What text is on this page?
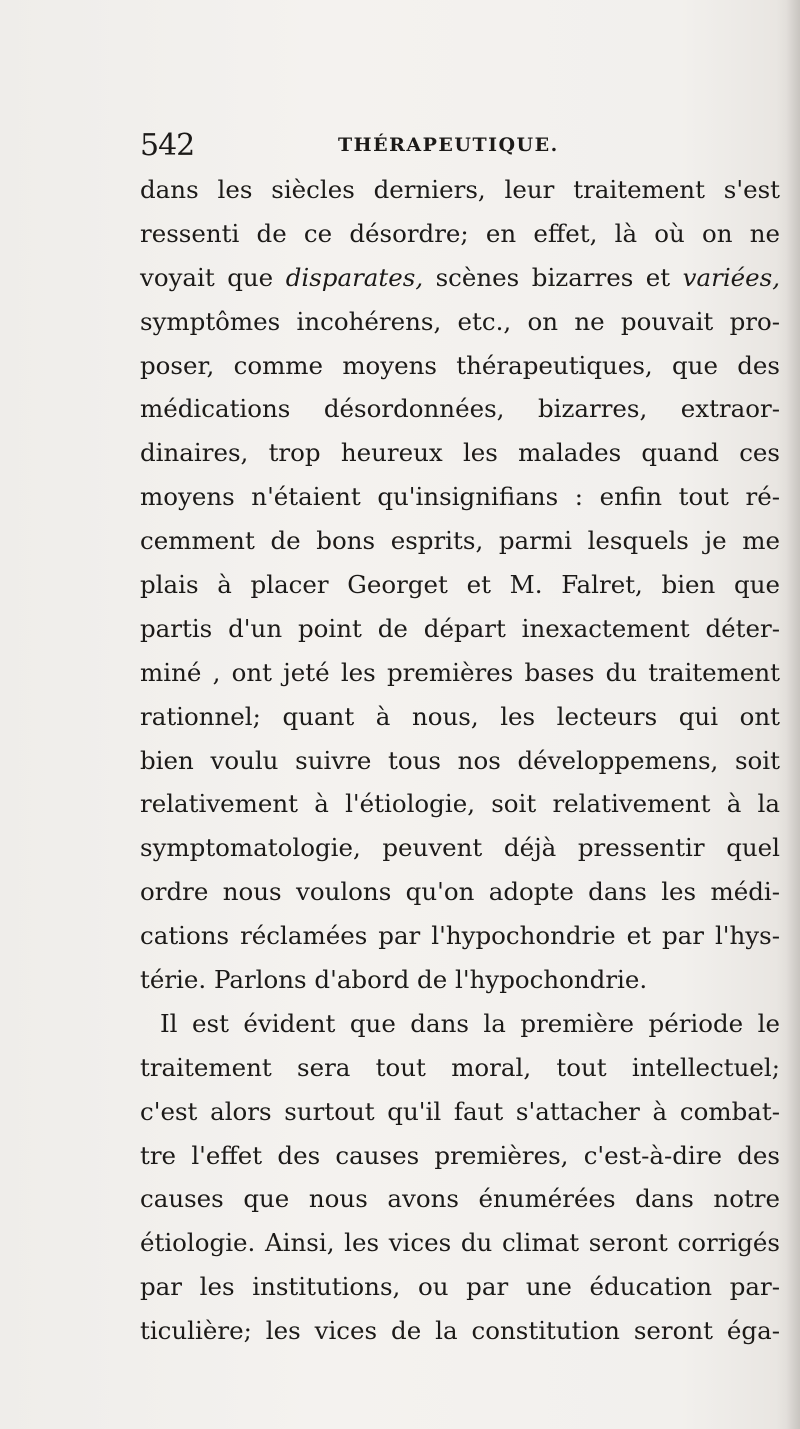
542	THÉRAPEUTIQUE.
dans les siècles derniers, leur traitement s'est
ressenti de ce désordre; en effet, là où on ne
voyait que disparates, scènes bizarres et variées,
symptômes incohérens, etc., on ne pouvait pro-
poser, comme moyens thérapeutiques, que des
médications désordonnées, bizarres, extraor-
dinaires, trop heureux les malades quand ces
moyens n'étaient qu'insignifians : enfin tout ré-
cemment de bons esprits, parmi lesquels je me
plais à placer Georget et M. Falret, bien que
partis d'un point de départ inexactement déter-
miné , ont jeté les premières bases du traitement
rationnel; quant à nous, les lecteurs qui ont
bien voulu suivre tous nos développemens, soit
relativement à l'étiologie, soit relativement à la
symptomatologie, peuvent déjà pressentir quel
ordre nous voulons qu'on adopte dans les médi-
cations réclamées par l'hypochondrie et par l'hys-
térie. Parlons d'abord de l'hypochondrie.
Il est évident que dans la première période le
traitement sera tout moral, tout intellectuel;
c'est alors surtout qu'il faut s'attacher à combat-
tre l'effet des causes premières, c'est-à-dire des
causes que nous avons énumérées dans notre
étiologie. Ainsi, les vices du climat seront corrigés
par les institutions, ou par une éducation par-
ticulière; les vices de la constitution seront éga-
